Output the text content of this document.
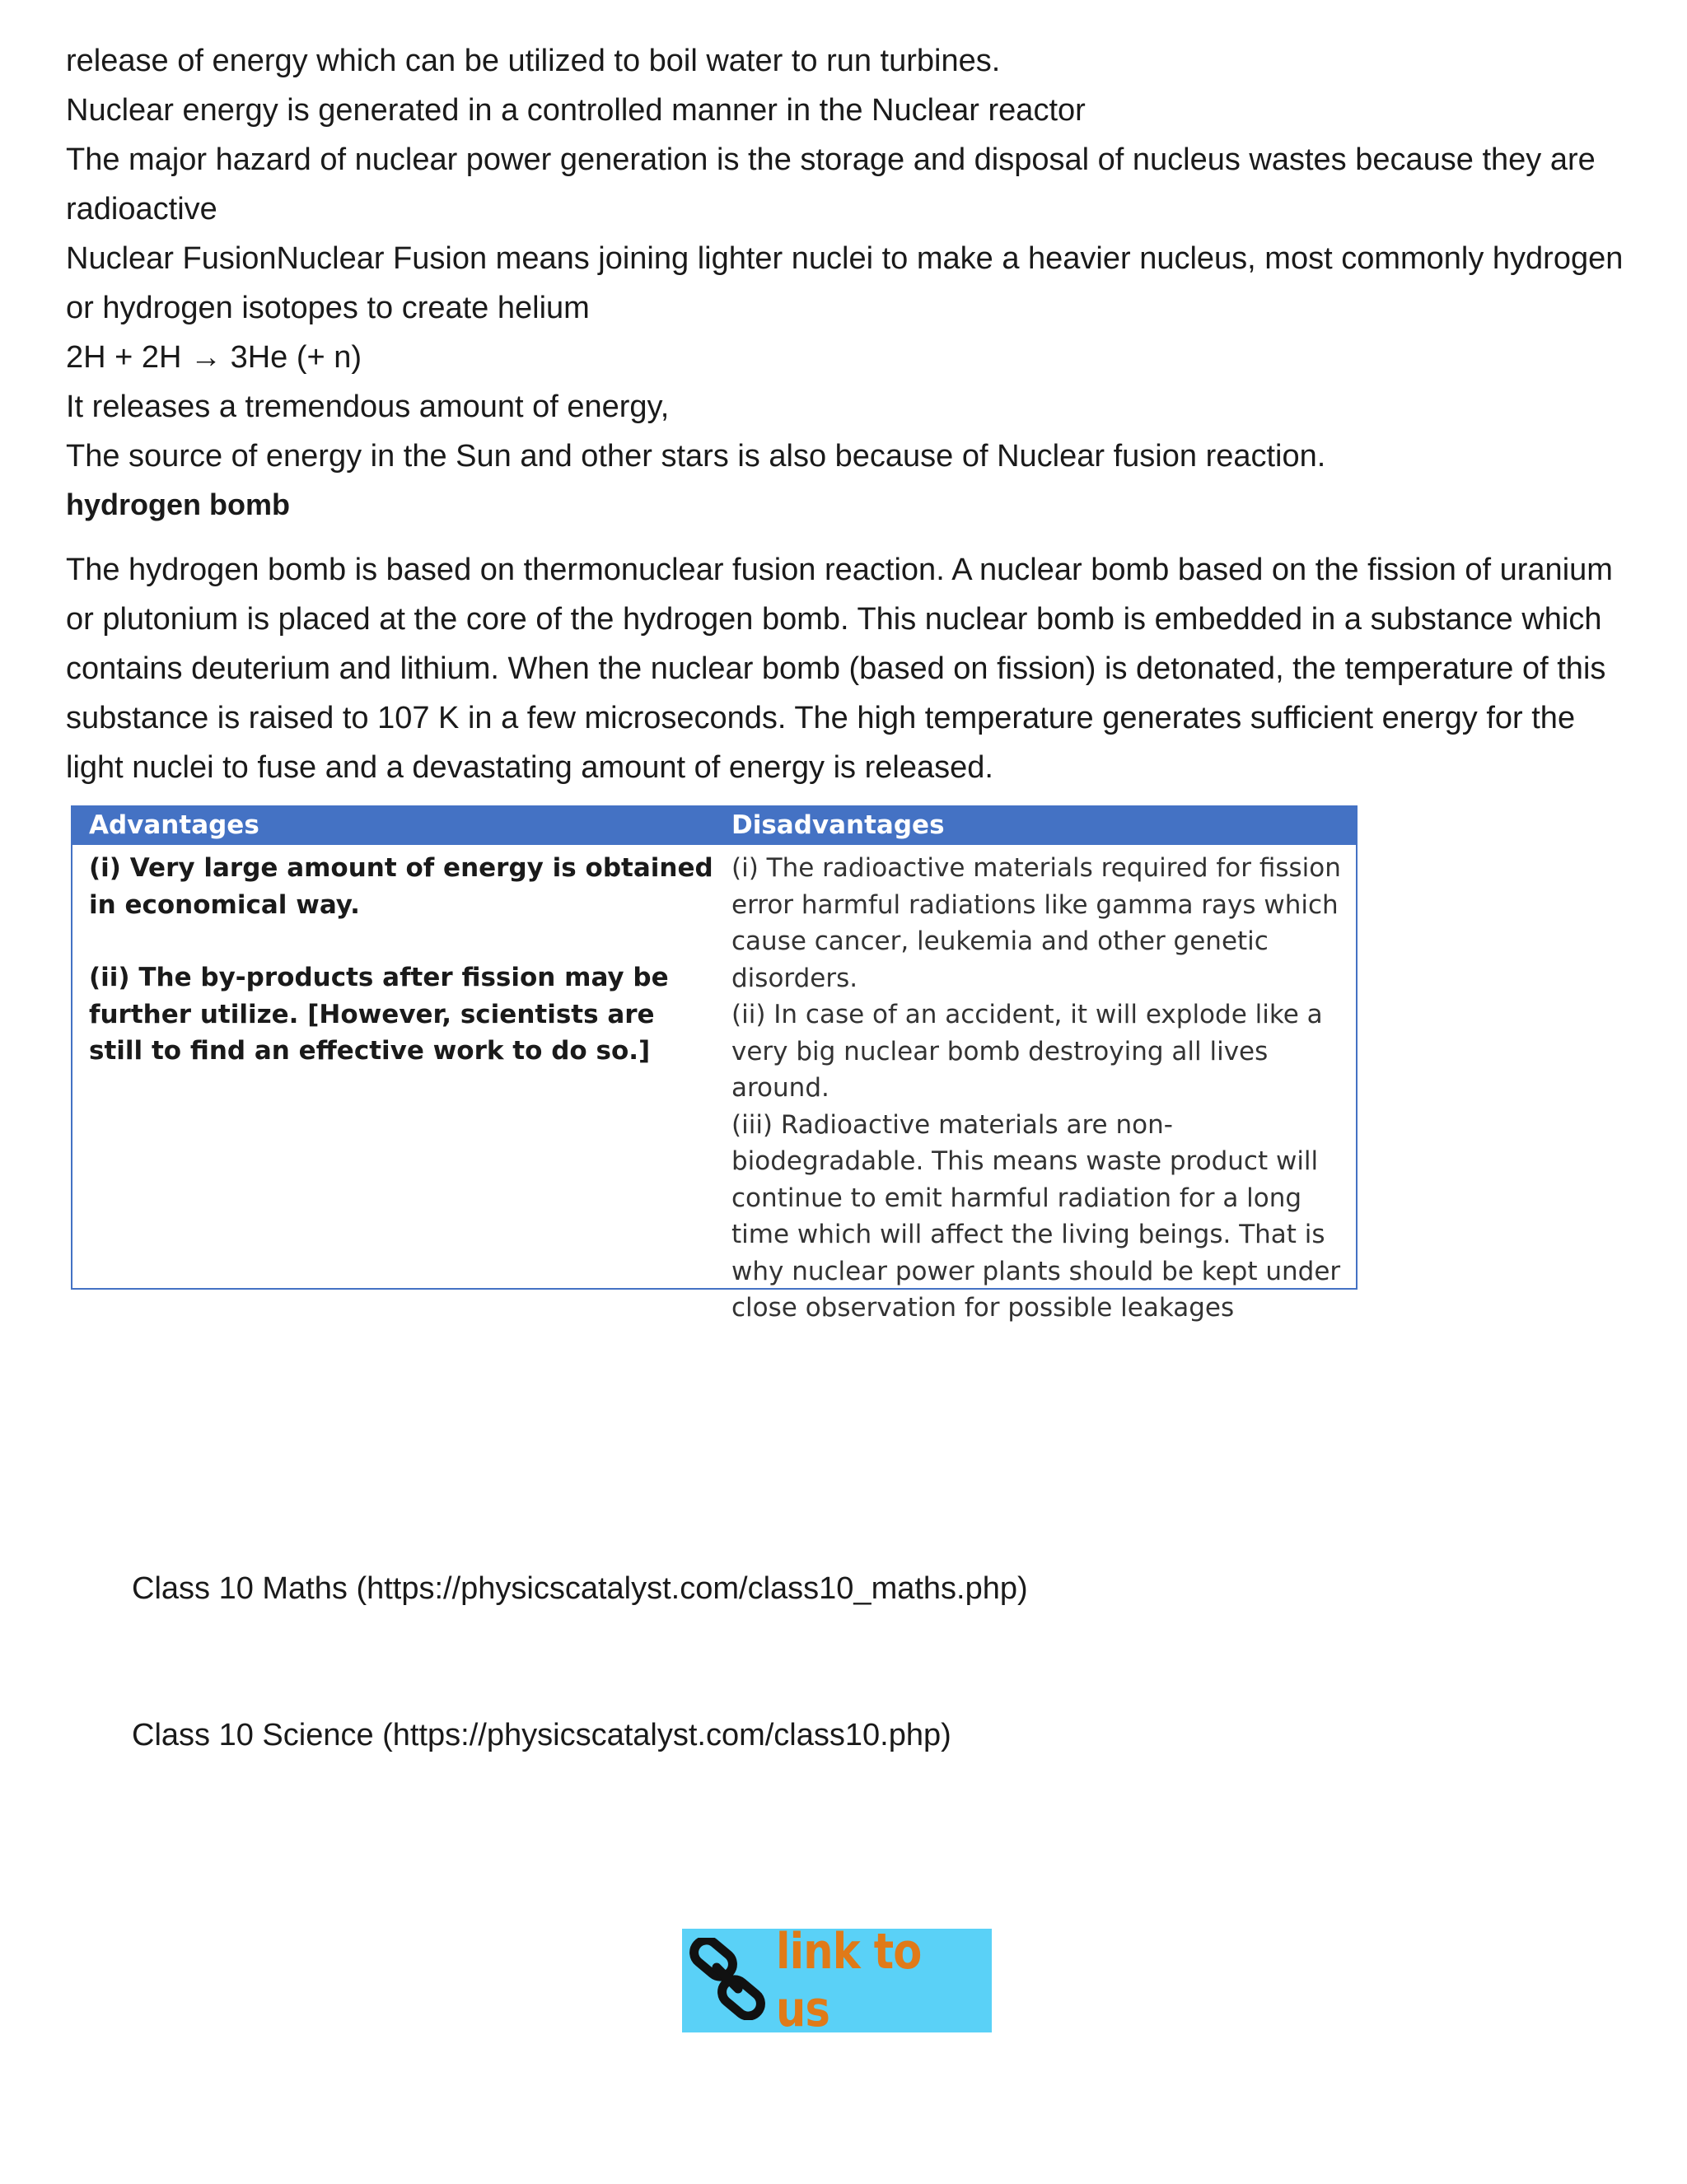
release of energy which can be utilized to boil water to run turbines.

Nuclear energy is generated in a controlled manner in the Nuclear reactor

The major hazard of nuclear power generation is the storage and disposal of nucleus wastes because they are radioactive

Nuclear FusionNuclear Fusion means joining lighter nuclei to make a heavier nucleus, most commonly hydrogen or hydrogen isotopes to create helium

2H + 2H → 3He (+ n)

It releases a tremendous amount of energy,

The source of energy in the Sun and other stars is also because of Nuclear fusion reaction.

hydrogen bomb

The hydrogen bomb is based on thermonuclear fusion reaction. A nuclear bomb based on the fission of uranium or plutonium is placed at the core of the hydrogen bomb. This nuclear bomb is embedded in a substance which contains deuterium and lithium. When the nuclear bomb (based on fission) is detonated, the temperature of this substance is raised to 107 K in a few microseconds. The high temperature generates sufficient energy for the light nuclei to fuse and a devastating amount of energy is released.

Advantages	Disadvantages

(i) Very large amount of energy is obtained in economical way.

(ii) The by-products after fission may be further utilize. [However, scientists are still to find an effective work to do so.]

(i) The radioactive materials required for fission error harmful radiations like gamma rays which cause cancer, leukemia and other genetic disorders.

(ii) In case of an accident, it will explode like a very big nuclear bomb destroying all lives around.

(iii) Radioactive materials are non- biodegradable. This means waste product will continue to emit harmful radiation for a long time which will affect the living beings. That is why nuclear power plants should be kept under close observation for possible leakages

Class 10 Maths (https://physicscatalyst.com/class10_maths.php)
Class 10 Science (https://physicscatalyst.com/class10.php)
link to us
